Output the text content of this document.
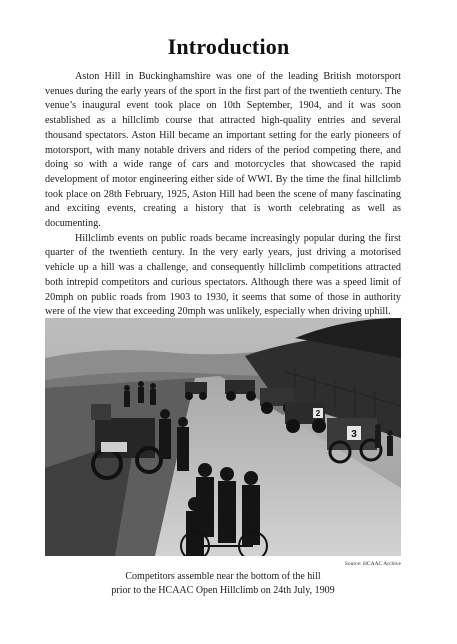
Introduction

Aston Hill in Buckinghamshire was one of the leading British motorsport venues during the early years of the sport in the first part of the twentieth century. The venue’s inaugural event took place on 10th September, 1904, and it was soon established as a hillclimb course that attracted high-quality entries and several thousand spectators. Aston Hill became an important setting for the early pioneers of motorsport, with many notable drivers and riders of the period competing there, and doing so with a wide range of cars and motorcycles that showcased the rapid development of motor engineering either side of WWI. By the time the final hillclimb took place on 28th February, 1925, Aston Hill had been the scene of many fascinating and exciting events, creating a history that is worth celebrating as well as documenting.

Hillclimb events on public roads became increasingly popular during the first quarter of the twentieth century. In the very early years, just driving a motorised vehicle up a hill was a challenge, and consequently hillclimb competitions attracted both intrepid competitors and curious spectators. Although there was a speed limit of 20mph on public roads from 1903 to 1930, it seems that some of those in authority were of the view that exceeding 20mph was unlikely, especially when driving uphill.

3
2
Source: HCAAC Archive
Competitors assemble near the bottom of the hill
prior to the HCAAC Open Hillclimb on 24th July, 1909
